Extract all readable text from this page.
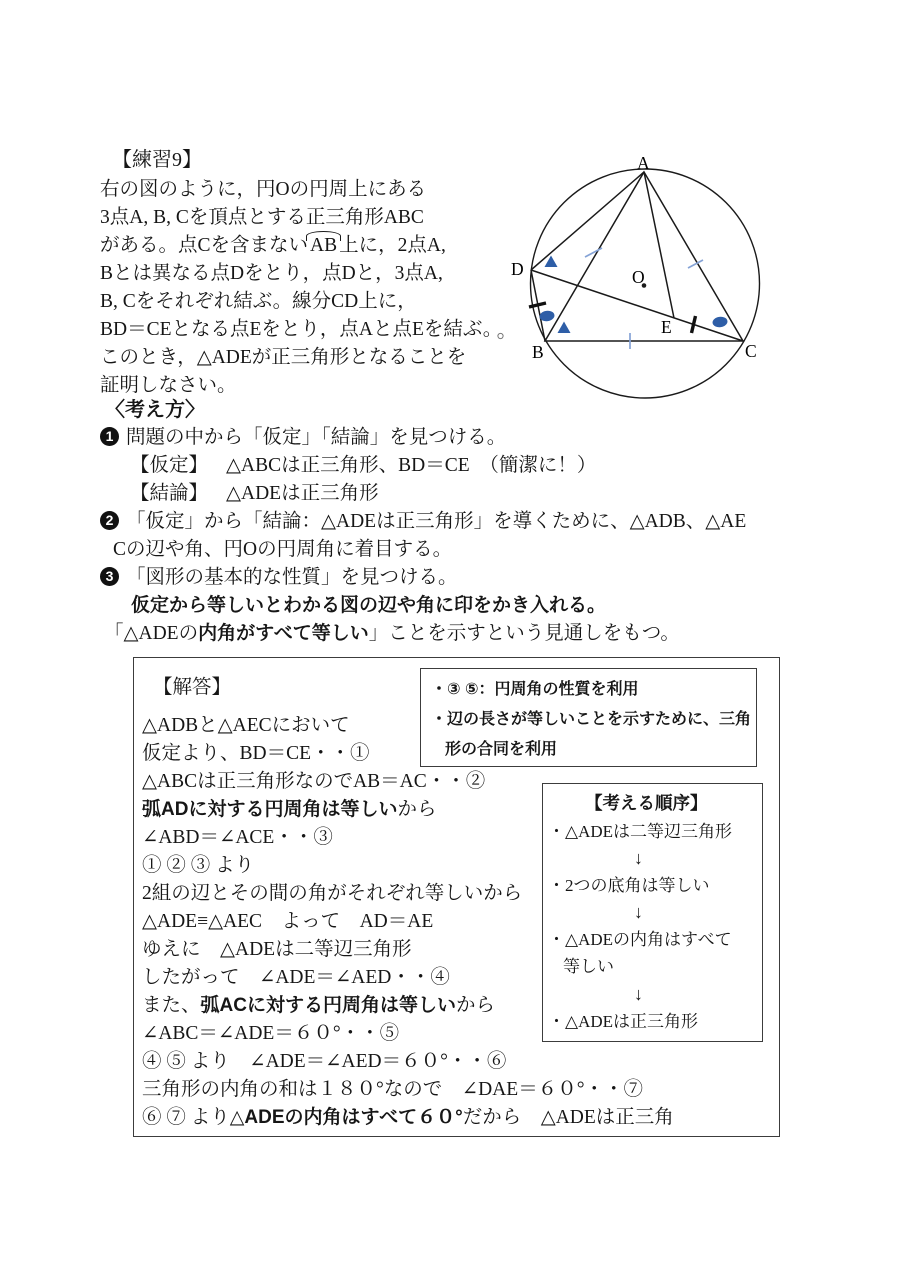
【練習9】
右の図のように，円Oの円周上にある
3点A, B, Cを頂点とする正三角形ABC
がある。点Cを含まない AB 上に，2点A,
Bとは異なる点Dをとり，点Dと，3点A,
B, Cをそれぞれ結ぶ。線分CD上に，
BD＝CEとなる点Eをとり，点Aと点Eを結ぶ。
このとき，△ADEが正三角形となることを
証明しなさい。
A
B	C
D
E
O
〈考え方〉
1 問題の中から「仮定」「結論」を見つける。
【仮定】 △ABCは正三角形、BD＝CE　（簡潔に！）
【結論】 △ADEは正三角形
2 「仮定」から「結論：△ADEは正三角形」を導くために、△ADB、△AE
Cの辺や角、円Oの円周角に着目する。
3 「図形の基本的な性質」を見つける。
仮定から等しいとわかる図の辺や角に印をかき入れる。
「△ADEの内角がすべて等しい」ことを示すという見通しをもつ。
【解答】	・③ ⑤：円周角の性質を利用
・辺の長さが等しいことを示すために、三角
形の合同を利用
【考える順序】
・△ADEは二等辺三角形
↓
・2つの底角は等しい
↓
・△ADEの内角はすべて
等しい
↓
・△ADEは正三角形
△ADBと△AECにおいて
仮定より、BD＝CE・・①
△ABCは正三角形なのでAB＝AC・・②
弧ADに対する円周角は等しいから
∠ABD＝∠ACE・・③
① ② ③ より
2組の辺とその間の角がそれぞれ等しいから
△ADE≡△AEC　よって　AD＝AE
ゆえに　△ADEは二等辺三角形
したがって　∠ADE＝∠AED・・④
また、弧ACに対する円周角は等しいから
∠ABC＝∠ADE＝６０°・・⑤
④ ⑤ より　∠ADE＝∠AED＝６０°・・⑥
三角形の内角の和は１８０°なので　∠DAE＝６０°・・⑦
⑥ ⑦ より△ADEの内角はすべて６０°だから　△ADEは正三角
